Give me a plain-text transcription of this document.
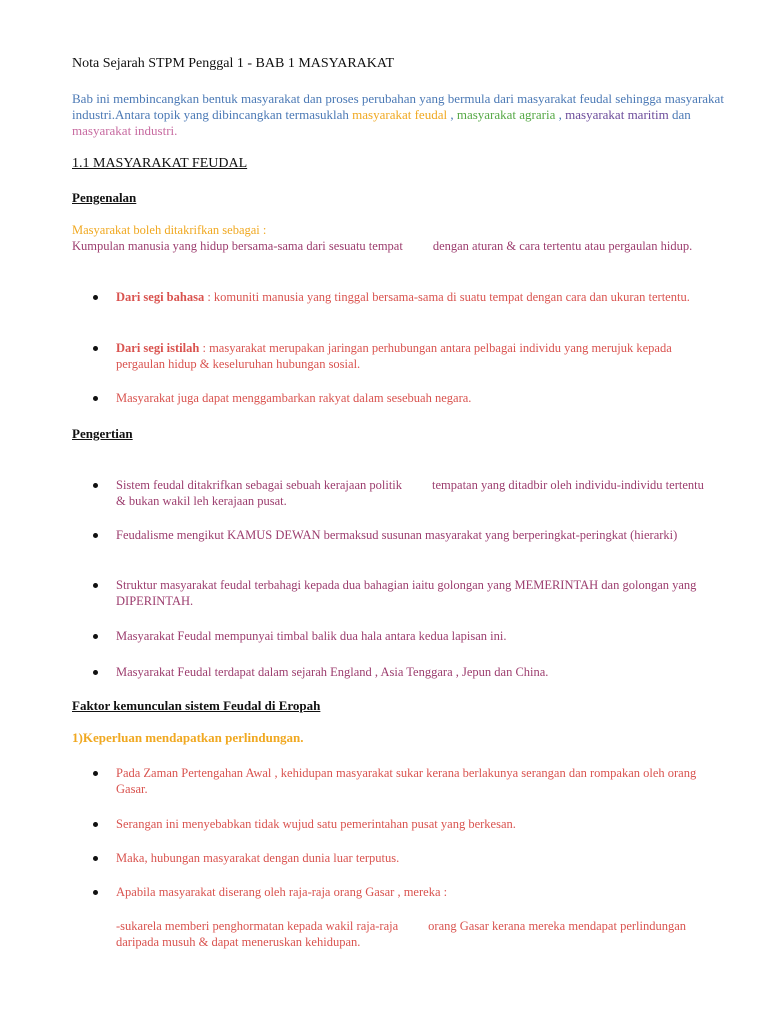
Nota Sejarah STPM Penggal 1 - BAB 1 MASYARAKAT

Bab ini membincangkan bentuk masyarakat dan proses perubahan yang bermula dari masyarakat feudal sehingga masyarakat industri.Antara topik yang dibincangkan termasuklah masyarakat feudal , masyarakat agraria , masyarakat maritim dan masyarakat industri.

1.1 MASYARAKAT FEUDAL

Pengenalan

Masyarakat boleh ditakrifkan sebagai :
Kumpulan manusia yang hidup bersama-sama dari sesuatu tempat dengan aturan & cara tertentu atau pergaulan hidup.

Dari segi bahasa : komuniti manusia yang tinggal bersama-sama di suatu tempat dengan cara dan ukuran tertentu.

Dari segi istilah : masyarakat merupakan jaringan perhubungan antara pelbagai individu yang merujuk kepada pergaulan hidup & keseluruhan hubungan sosial.

Masyarakat juga dapat menggambarkan rakyat dalam sesebuah negara.

Pengertian

Sistem feudal ditakrifkan sebagai sebuah kerajaan politik tempatan yang ditadbir oleh individu-individu tertentu & bukan wakil leh kerajaan pusat.

Feudalisme mengikut KAMUS DEWAN bermaksud susunan masyarakat yang berperingkat-peringkat (hierarki)

Struktur masyarakat feudal terbahagi kepada dua bahagian iaitu golongan yang MEMERINTAH dan golongan yang DIPERINTAH.

Masyarakat Feudal mempunyai timbal balik dua hala antara kedua lapisan ini.

Masyarakat Feudal terdapat dalam sejarah England , Asia Tenggara , Jepun dan China.

Faktor kemunculan sistem Feudal di Eropah

1)Keperluan mendapatkan perlindungan.

Pada Zaman Pertengahan Awal , kehidupan masyarakat sukar kerana berlakunya serangan dan rompakan oleh orang Gasar.

Serangan ini menyebabkan tidak wujud satu pemerintahan pusat yang berkesan.

Maka, hubungan masyarakat dengan dunia luar terputus.

Apabila masyarakat diserang oleh raja-raja orang Gasar , mereka :

-sukarela memberi penghormatan kepada wakil raja-raja orang Gasar kerana mereka mendapat perlindungan daripada musuh & dapat meneruskan kehidupan.
